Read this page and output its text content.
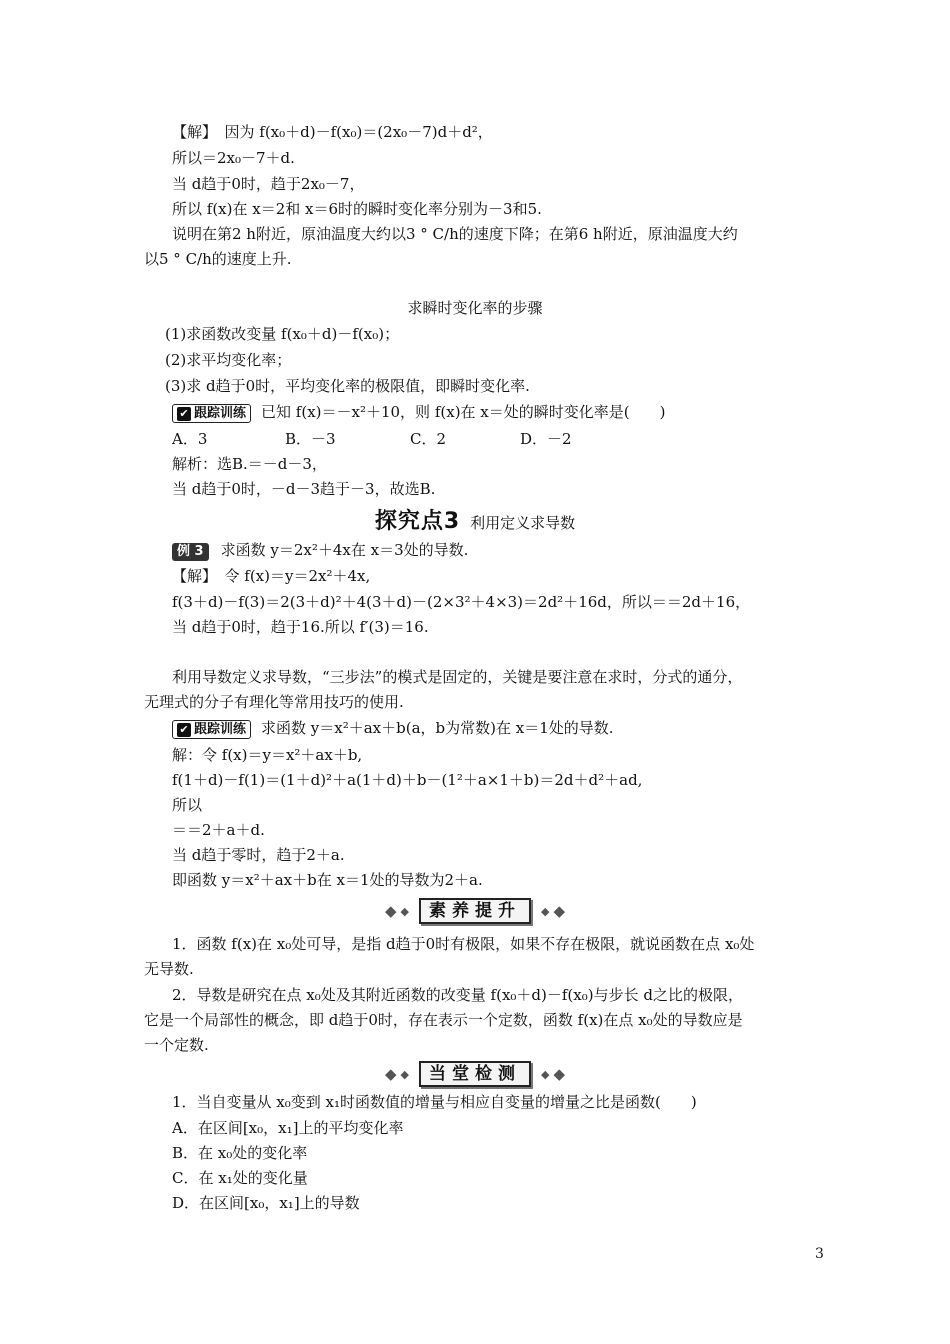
【解】　因为 f(x₀＋d)－f(x₀)＝(2x₀－7)d＋d²，
所以＝2x₀－7＋d.
当 d趋于0时，趋于2x₀－7，
所以 f(x)在 x＝2和 x＝6时的瞬时变化率分别为－3和5.
说明在第2 h附近，原油温度大约以3 ° C/h的速度下降；在第6 h附近，原油温度大约
以5 ° C/h的速度上升.
求瞬时变化率的步骤
(1)求函数改变量 f(x₀＋d)－f(x₀)；
(2)求平均变化率；
(3)求 d趋于0时，平均变化率的极限值，即瞬时变化率.
✔ 跟踪训练 已知 f(x)＝－x²＋10，则 f(x)在 x＝处的瞬时变化率是(　　)
A．3	B．－3	C．2	D．－2
解析：选B.＝－d－3，
当 d趋于0时，－d－3趋于－3，故选B.
探究点3 利用定义求导数
例 3 求函数 y＝2x²＋4x在 x＝3处的导数.
【解】　令 f(x)＝y＝2x²＋4x,
f(3＋d)－f(3)＝2(3＋d)²＋4(3＋d)－(2×3²＋4×3)＝2d²＋16d，所以＝＝2d＋16，
当 d趋于0时，趋于16.所以 f′(3)＝16.
利用导数定义求导数，“三步法”的模式是固定的，关键是要注意在求时，分式的通分，
无理式的分子有理化等常用技巧的使用.
✔ 跟踪训练 求函数 y＝x²＋ax＋b(a，b为常数)在 x＝1处的导数.
解：令 f(x)＝y＝x²＋ax＋b,
f(1＋d)－f(1)＝(1＋d)²＋a(1＋d)＋b－(1²＋a×1＋b)＝2d＋d²＋ad,
所以
＝＝2＋a＋d.
当 d趋于零时，趋于2＋a.
即函数 y＝x²＋ax＋b在 x＝1处的导数为2＋a.
◆ ◆	素养提升	◆ ◆
1．函数 f(x)在 x₀处可导，是指 d趋于0时有极限，如果不存在极限，就说函数在点 x₀处
无导数.
2．导数是研究在点 x₀处及其附近函数的改变量 f(x₀＋d)－f(x₀)与步长 d之比的极限，
它是一个局部性的概念，即 d趋于0时，存在表示一个定数，函数 f(x)在点 x₀处的导数应是
一个定数.
◆ ◆	当堂检测	◆ ◆
1．当自变量从 x₀变到 x₁时函数值的增量与相应自变量的增量之比是函数(　　)
A．在区间[x₀，x₁]上的平均变化率
B．在 x₀处的变化率
C．在 x₁处的变化量
D．在区间[x₀，x₁]上的导数
3
